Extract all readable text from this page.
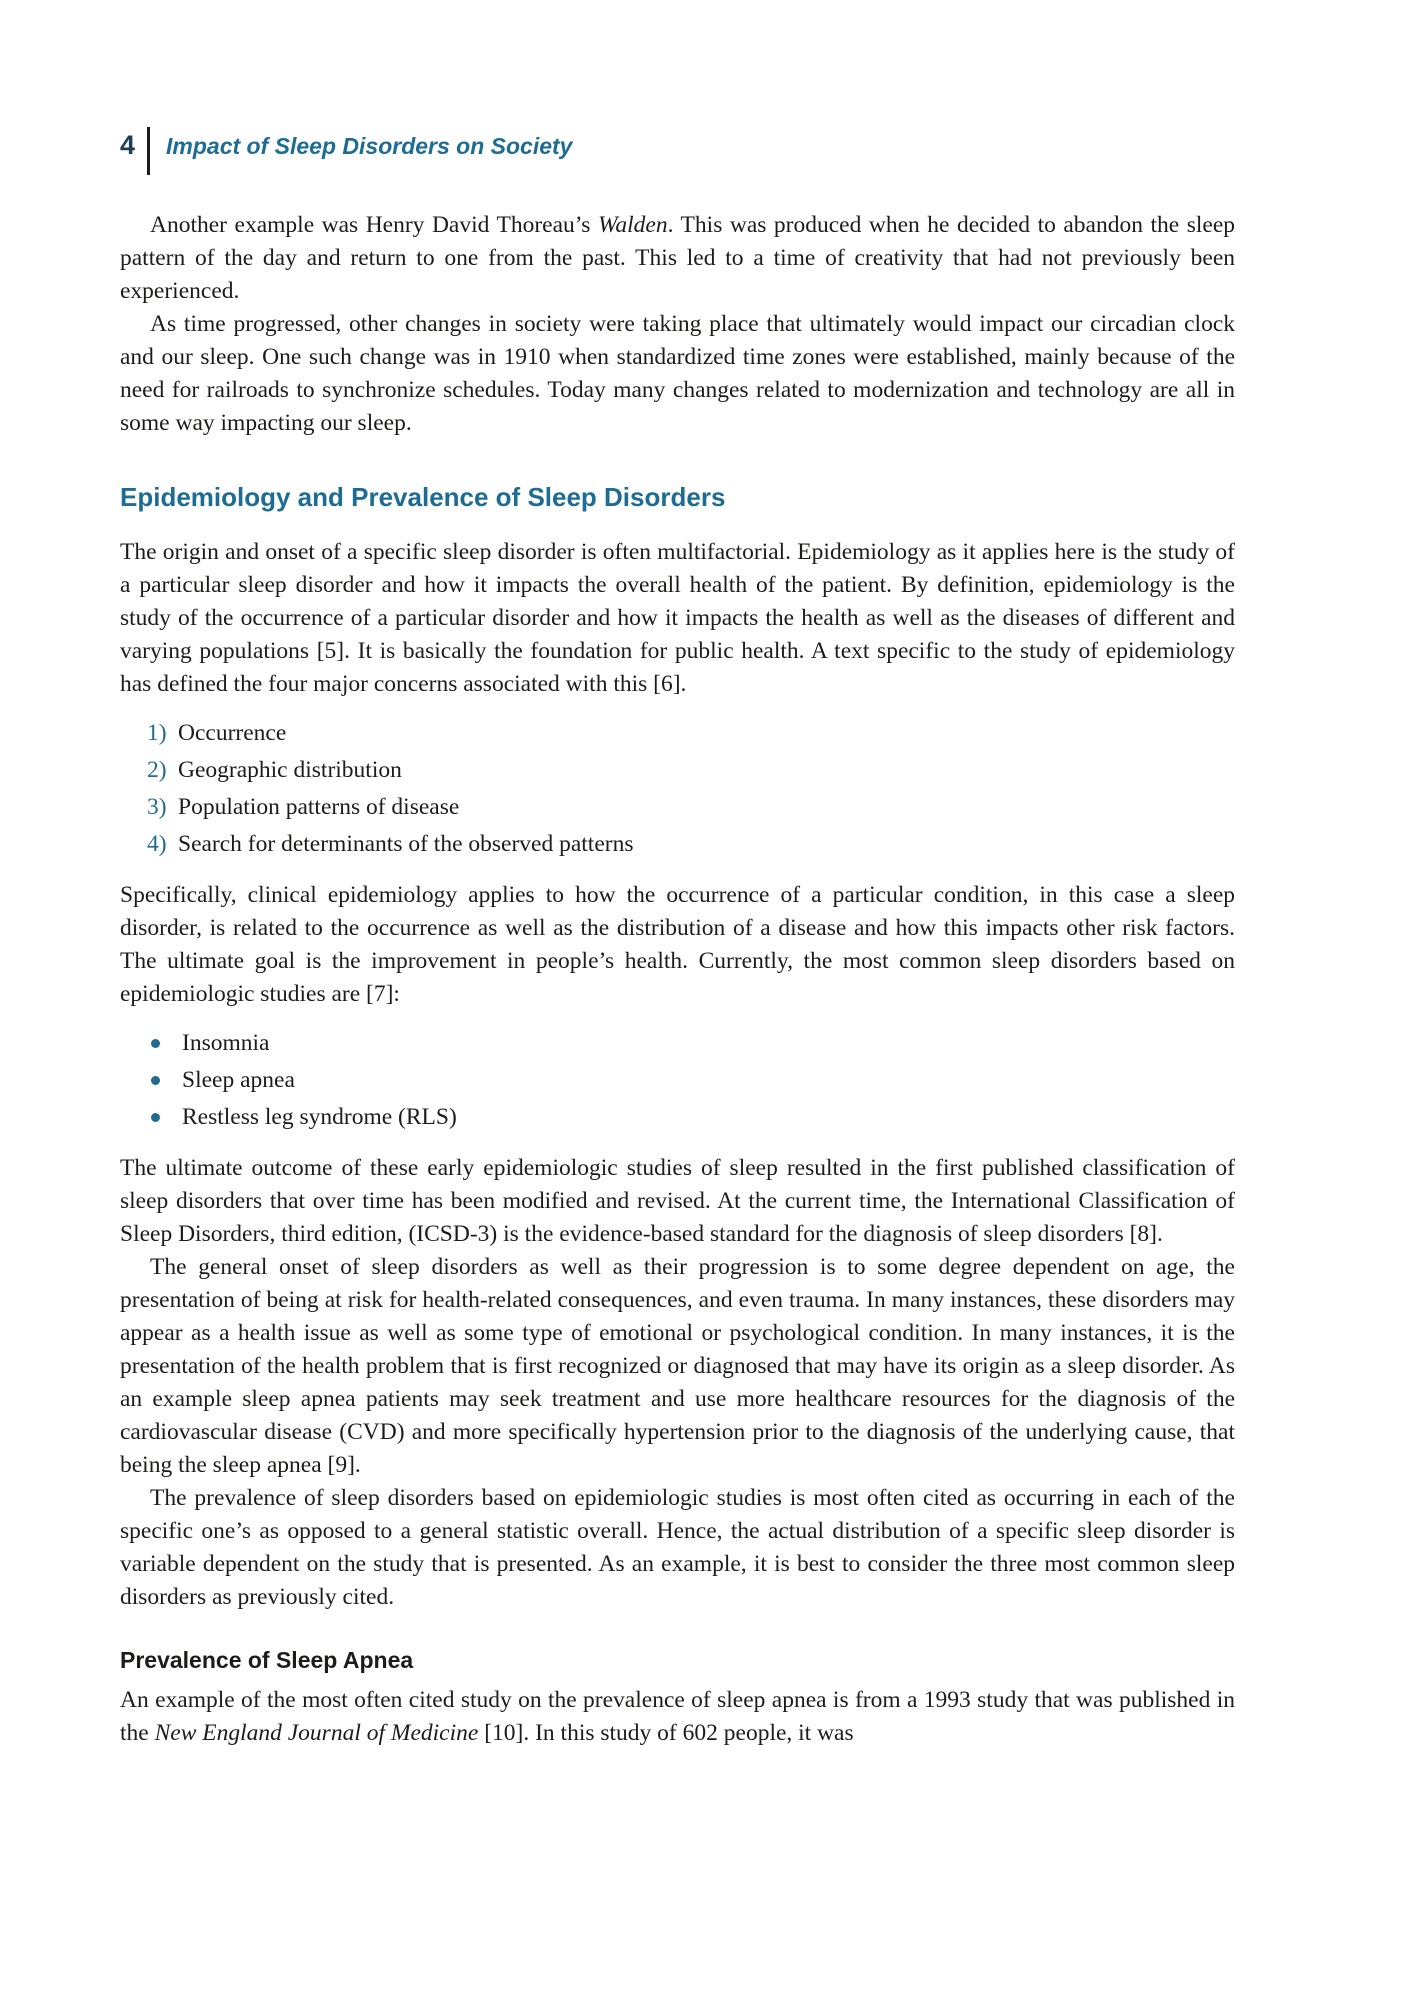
4 Impact of Sleep Disorders on Society

Another example was Henry David Thoreau’s Walden. This was produced when he decided to abandon the sleep pattern of the day and return to one from the past. This led to a time of creativity that had not previously been experienced.

As time progressed, other changes in society were taking place that ultimately would impact our circadian clock and our sleep. One such change was in 1910 when standardized time zones were established, mainly because of the need for railroads to synchronize schedules. Today many changes related to modernization and technology are all in some way impacting our sleep.

Epidemiology and Prevalence of Sleep Disorders

The origin and onset of a specific sleep disorder is often multifactorial. Epidemiology as it applies here is the study of a particular sleep disorder and how it impacts the overall health of the patient. By definition, epidemiology is the study of the occurrence of a particular disorder and how it impacts the health as well as the diseases of different and varying populations [5]. It is basically the foundation for public health. A text specific to the study of epidemiology has defined the four major concerns associated with this [6].

1) Occurrence
2) Geographic distribution
3) Population patterns of disease
4) Search for determinants of the observed patterns

Specifically, clinical epidemiology applies to how the occurrence of a particular condition, in this case a sleep disorder, is related to the occurrence as well as the distribution of a disease and how this impacts other risk factors. The ultimate goal is the improvement in people’s health. Currently, the most common sleep disorders based on epidemiologic studies are [7]:

Insomnia
Sleep apnea
Restless leg syndrome (RLS)

The ultimate outcome of these early epidemiologic studies of sleep resulted in the first published classification of sleep disorders that over time has been modified and revised. At the current time, the International Classification of Sleep Disorders, third edition, (ICSD-3) is the evidence-based standard for the diagnosis of sleep disorders [8].

The general onset of sleep disorders as well as their progression is to some degree dependent on age, the presentation of being at risk for health-related consequences, and even trauma. In many instances, these disorders may appear as a health issue as well as some type of emotional or psychological condition. In many instances, it is the presentation of the health problem that is first recognized or diagnosed that may have its origin as a sleep disorder. As an example sleep apnea patients may seek treatment and use more healthcare resources for the diagnosis of the cardiovascular disease (CVD) and more specifically hypertension prior to the diagnosis of the underlying cause, that being the sleep apnea [9].

The prevalence of sleep disorders based on epidemiologic studies is most often cited as occurring in each of the specific one’s as opposed to a general statistic overall. Hence, the actual distribution of a specific sleep disorder is variable dependent on the study that is presented. As an example, it is best to consider the three most common sleep disorders as previously cited.

Prevalence of Sleep Apnea

An example of the most often cited study on the prevalence of sleep apnea is from a 1993 study that was published in the New England Journal of Medicine [10]. In this study of 602 people, it was
